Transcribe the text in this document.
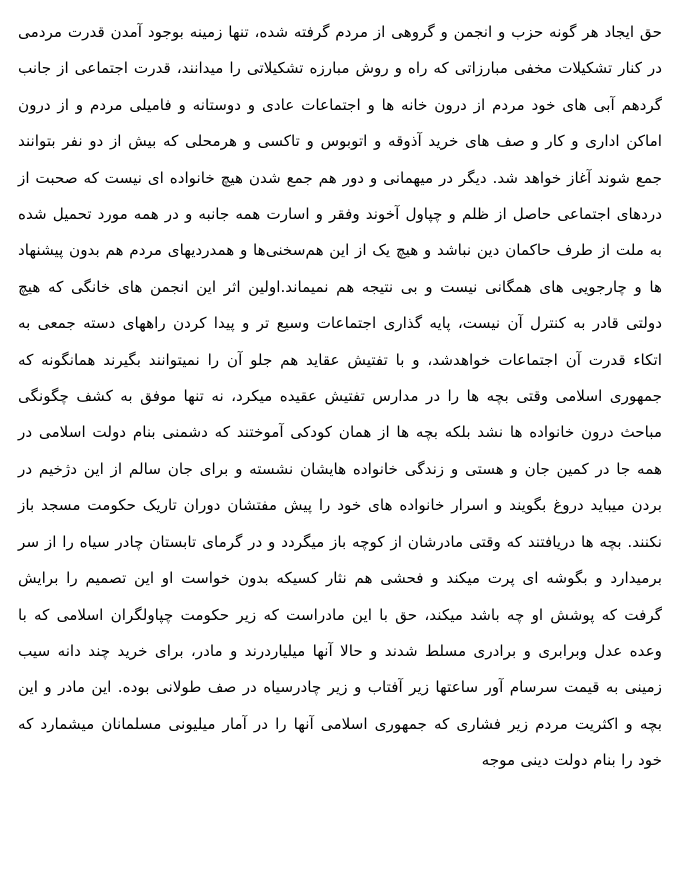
حق ایجاد هر گونه حزب و انجمن و گروهی از مردم گرفته شده، تنها زمینه بوجود آمدن قدرت مردمی در کنار تشکیلات مخفی مبارزاتی که راه و روش مبارزه تشکیلاتی را میدانند، قدرت اجتماعی از جانب گردهم آبی های خود مردم از درون خانه ها و اجتماعات عادی و دوستانه و فامیلی مردم و از درون اماکن اداری و کار و صف های خرید آذوقه و اتوبوس و تاکسی و هرمحلی که بیش از دو نفر بتوانند جمع شوند آغاز خواهد شد. دیگر در میهمانی و دور هم جمع شدن هیچ خانواده ای نیست که صحبت از دردهای اجتماعی حاصل از ظلم و چپاول آخوند وفقر و اسارت همه جانبه و در همه مورد تحمیل شده به ملت از طرف حاکمان دین نباشد و هیچ یک از این هم‌سخنی‌ها و همدردیهای مردم هم بدون پیشنهاد ها و چارجویی های همگانی نیست و بی نتیجه هم نمیماند.اولین اثر این انجمن های خانگی که هیچ دولتی قادر به کنترل آن نیست، پایه گذاری اجتماعات وسیع تر و پیدا کردن راههای دسته جمعی به اتکاء قدرت آن اجتماعات خواهدشد، و با تفتیش عقاید هم جلو آن را نمیتوانند بگیرند همانگونه که جمهوری اسلامی وقتی بچه ها را در مدارس تفتیش عقیده میکرد، نه تنها موفق به کشف چگونگی مباحث درون خانواده ها نشد بلکه بچه ها از همان کودکی آموختند که دشمنی بنام دولت اسلامی در همه جا در کمین جان و هستی و زندگی خانواده هایشان نشسته و برای جان سالم از این دژخیم در بردن میباید دروغ بگویند و اسرار خانواده های خود را پیش مفتشان دوران تاریک حکومت مسجد باز نکنند. بچه ها دریافتند که وقتی مادرشان از کوچه باز میگردد و در گرمای تابستان چادر سیاه را از سر برمیدارد و بگوشه ای پرت میکند و فحشی هم نثار کسیکه بدون خواست او این تصمیم را برایش گرفت که پوشش او چه باشد میکند، حق با این مادراست که زیر حکومت چپاولگران اسلامی که با وعده عدل وبرابری و برادری مسلط شدند و حالا آنها میلیاردرند و مادر، برای خرید چند دانه سیب زمینی به قیمت سرسام آور ساعتها زیر آفتاب و زیر چادرسیاه در صف طولانی بوده. این مادر و این بچه و اکثریت مردم زیر فشاری که جمهوری اسلامی آنها را در آمار میلیونی مسلمانان میشمارد که خود را بنام دولت دینی موجه
